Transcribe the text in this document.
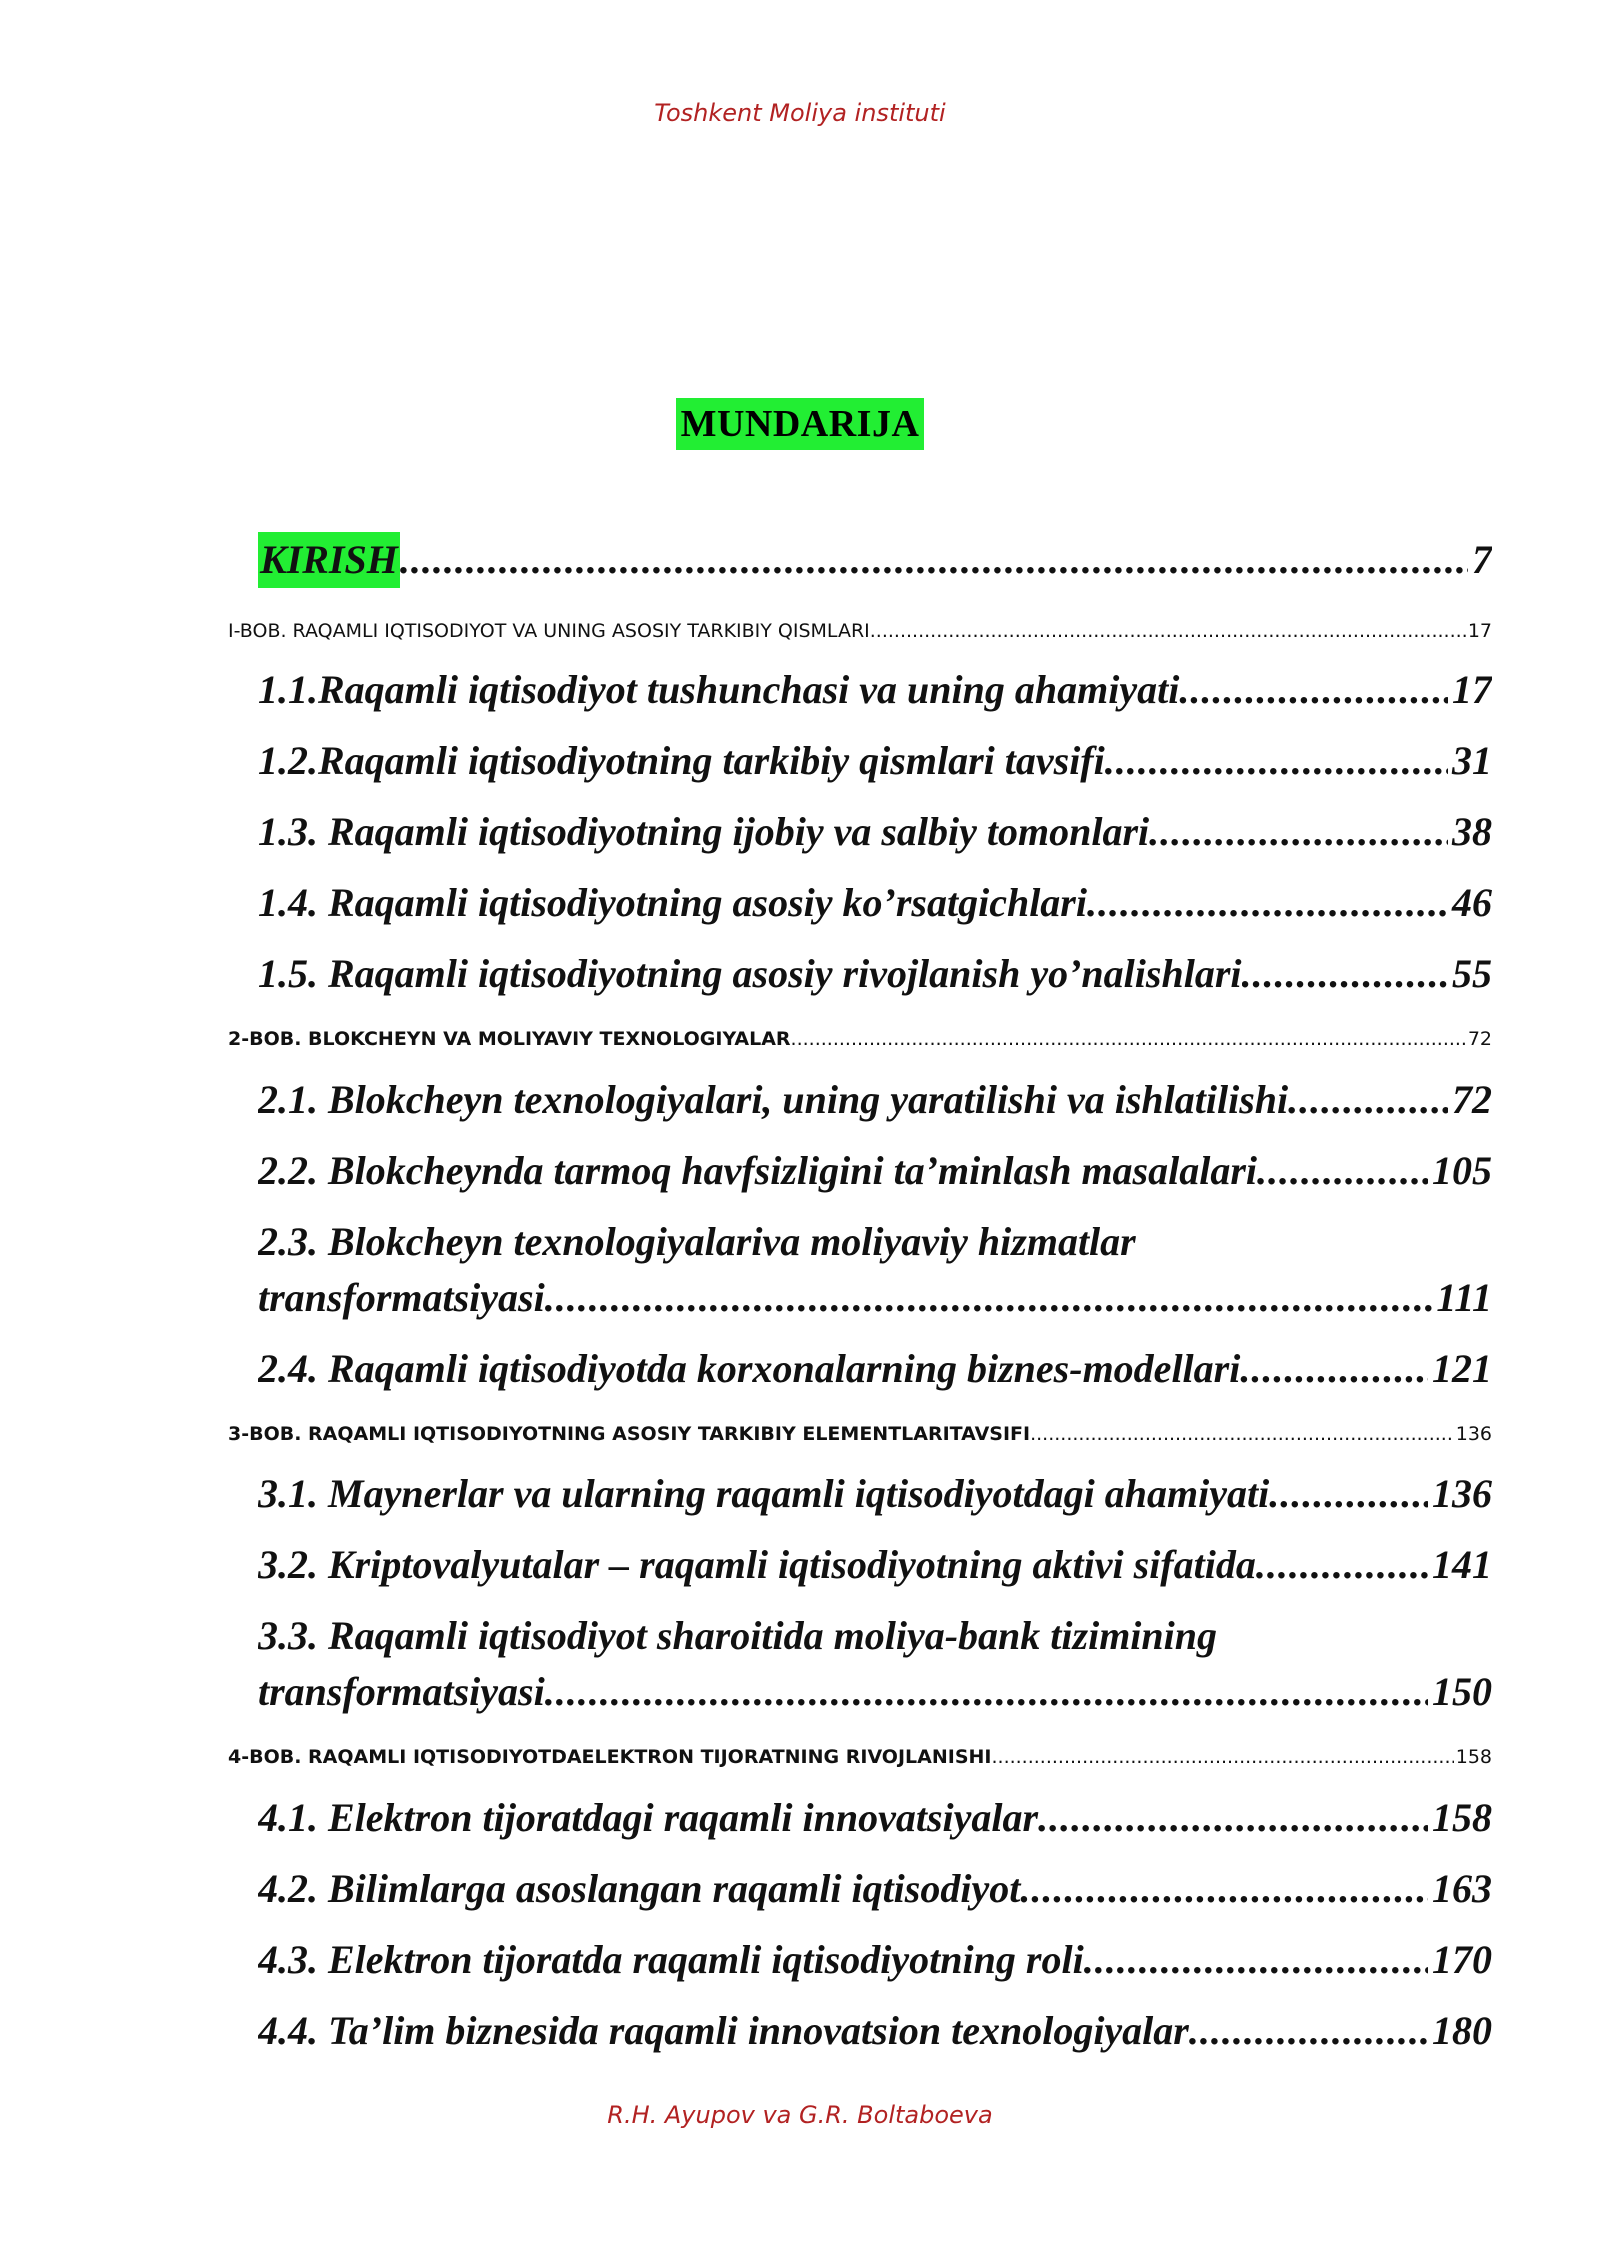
Toshkent Moliya instituti
MUNDARIJA
KIRISH .....	7
I-BOB. RAQAMLI IQTISODIYOT VA UNING ASOSIY TARKIBIY QISMLARI .....	17
1.1.Raqamli iqtisodiyot tushunchasi va uning ahamiyati .....	17
1.2.Raqamli iqtisodiyotning tarkibiy qismlari tavsifi .....	31
1.3. Raqamli iqtisodiyotning ijobiy va salbiy tomonlari .....	38
1.4. Raqamli iqtisodiyotning asosiy ko’rsatgichlari .....	46
1.5. Raqamli iqtisodiyotning asosiy rivojlanish yo’nalishlari .....	55
2-BOB. BLOKCHEYN VA MOLIYAVIY TEXNOLOGIYALAR .....	72
2.1. Blokcheyn texnologiyalari, uning yaratilishi va ishlatilishi .....	72
2.2. Blokcheynda tarmoq havfsizligini ta’minlash masalalari .....	105
2.3. Blokcheyn texnologiyalariva moliyaviy hizmatlar
transformatsiyasi .....	111
2.4. Raqamli iqtisodiyotda korxonalarning biznes-modellari .....	121
3-BOB. RAQAMLI IQTISODIYOTNING ASOSIY TARKIBIY ELEMENTLARITAVSIFI .....	136
3.1. Maynerlar va ularning raqamli iqtisodiyotdagi ahamiyati .....	136
3.2. Kriptovalyutalar – raqamli iqtisodiyotning aktivi sifatida .....	141
3.3. Raqamli iqtisodiyot sharoitida moliya-bank tizimining
transformatsiyasi .....	150
4-BOB. RAQAMLI IQTISODIYOTDAELEKTRON TIJORATNING RIVOJLANISHI .....	158
4.1. Elektron tijoratdagi raqamli innovatsiyalar .....	158
4.2. Bilimlarga asoslangan raqamli iqtisodiyot .....	163
4.3. Elektron tijoratda raqamli iqtisodiyotning roli .....	170
4.4. Ta’lim biznesida raqamli innovatsion texnologiyalar .....	180
R.H. Ayupov va G.R. Boltaboeva
